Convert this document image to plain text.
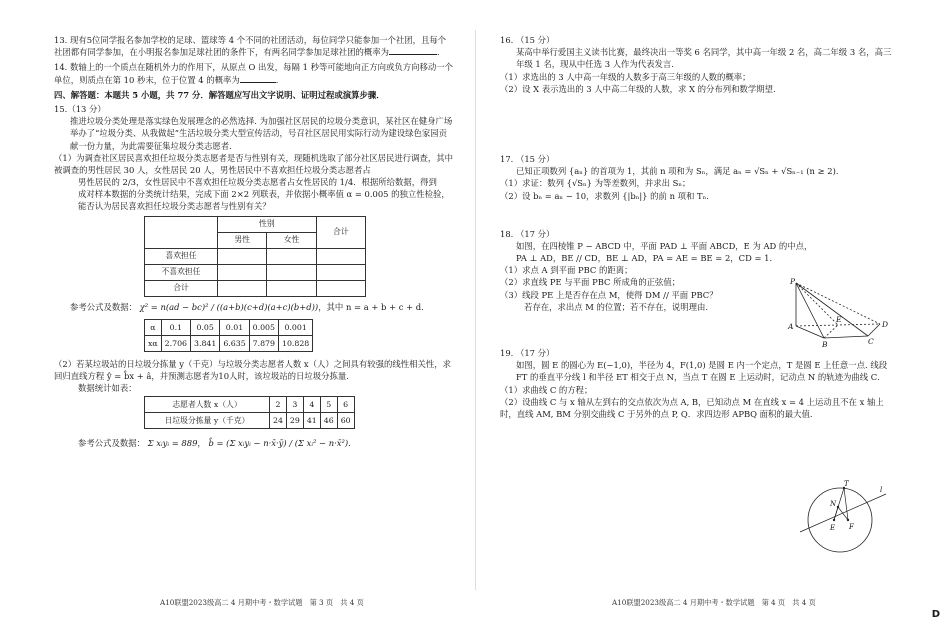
13. 现有5位同学报名参加学校的足球、篮球等 4 个不同的社团活动，每位同学只能参加一个社团，且每个社团都有同学参加，在小明报名参加足球社团的条件下，有两名同学参加足球社团的概率为	.

14. 数轴上的一个质点在随机外力的作用下，从原点 O 出发，每隔 1 秒等可能地向正方向或负方向移动一个单位，则质点在第 10 秒末，位于位置 4 的概率为	.

四、解答题：本题共 5 小题，共 77 分．解答题应写出文字说明、证明过程或演算步骤．

15.（13 分）

推进垃圾分类处理是落实绿色发展理念的必然选择. 为加强社区居民的垃圾分类意识，某社区在健身广场举办了“垃圾分类、从我做起”生活垃圾分类大型宣传活动，号召社区居民用实际行动为建设绿色家园贡献一份力量，为此需要征集垃圾分类志愿者.

（1）为调查社区居民喜欢担任垃圾分类志愿者是否与性别有关，现随机选取了部分社区居民进行调查，其中被调查的男性居民 30 人，女性居民 20 人，男性居民中不喜欢担任垃圾分类志愿者占

男性居民的 2/3，女性居民中不喜欢担任垃圾分类志愿者占女性居民的 1/4．根据所给数据，得到

成对样本数据的分类统计结果，完成下面 2×2 列联表，并依据小概率值 α = 0.005 的独立性检验，能否认为居民喜欢担任垃圾分类志愿者与性别有关？

	性别		合计
	男性	女性	
喜欢担任			
不喜欢担任			
合计			

参考公式及数据： χ² = n(ad − bc)² / ((a+b)(c+d)(a+c)(b+d))，其中 n = a + b + c + d．

α	0.1	0.05	0.01	0.005	0.001
xα	2.706	3.841	6.635	7.879	10.828

（2）若某垃圾站的日垃圾分拣量 y（千克）与垃圾分类志愿者人数 x（人）之间具有较强的线性相关性，求回归直线方程 ŷ = b̂x + â，并预测志愿者为10人时，该垃圾站的日垃圾分拣量.

数据统计如表：

志愿者人数 x（人）	2	3	4	5	6
日垃圾分拣量 y（千克）	24	29	41	46	60

参考公式及数据： Σ xᵢyᵢ = 889， b̂ = (Σ xᵢyᵢ − n·x̄·ȳ) / (Σ xᵢ² − n·x̄²)．

A10联盟2023级高二 4 月期中考・数学试题　第 3 页　共 4 页

16. （15 分）

某高中举行爱国主义读书比赛，最终决出一等奖 6 名同学，其中高一年级 2 名，高二年级 3 名，高三年级 1 名，现从中任选 3 人作为代表发言.

（1）求选出的 3 人中高一年级的人数多于高三年级的人数的概率；

（2）设 X 表示选出的 3 人中高二年级的人数，求 X 的分布列和数学期望.

17. （15 分）

已知正项数列 {aₙ} 的首项为 1，其前 n 项和为 Sₙ，满足 aₙ = √Sₙ + √Sₙ₋₁ (n ≥ 2)．

（1）求证：数列 {√Sₙ} 为等差数列，并求出 Sₙ；

（2）设 bₙ = aₙ − 10，求数列 {|bₙ|} 的前 n 项和 Tₙ．

18. （17 分）

如图，在四棱锥 P − ABCD 中，平面 PAD ⊥ 平面 ABCD，E 为 AD 的中点，PA ⊥ AD，BE // CD，BE ⊥ AD，PA = AE = BE = 2，CD = 1．

（1）求点 A 到平面 PBC 的距离；

（2）求直线 PE 与平面 PBC 所成角的正弦值；

（3）线段 PE 上是否存在点 M，使得 DM // 平面 PBC？

若存在，求出点 M 的位置；若不存在，说明理由.

19. （17 分）

如图，圆 E 的圆心为 E(−1,0)，半径为 4，F(1,0) 是圆 E 内一个定点，T 是圆 E 上任意一点. 线段 FT 的垂直平分线 l 和半径 ET 相交于点 N，当点 T 在圆 E 上运动时，记动点 N 的轨迹为曲线 C．

（1）求曲线 C 的方程；

（2）设曲线 C 与 x 轴从左到右的交点依次为点 A, B，已知动点 M 在直线 x = 4 上运动且不在 x 轴上时，直线 AM, BM 分别交曲线 C 于另外的点 P, Q．求四边形 APBQ 面积的最大值.

P
A
B	C
D
E
T
N
E F
l
A10联盟2023级高二 4 月期中考・数学试题　第 4 页　共 4 页
D
